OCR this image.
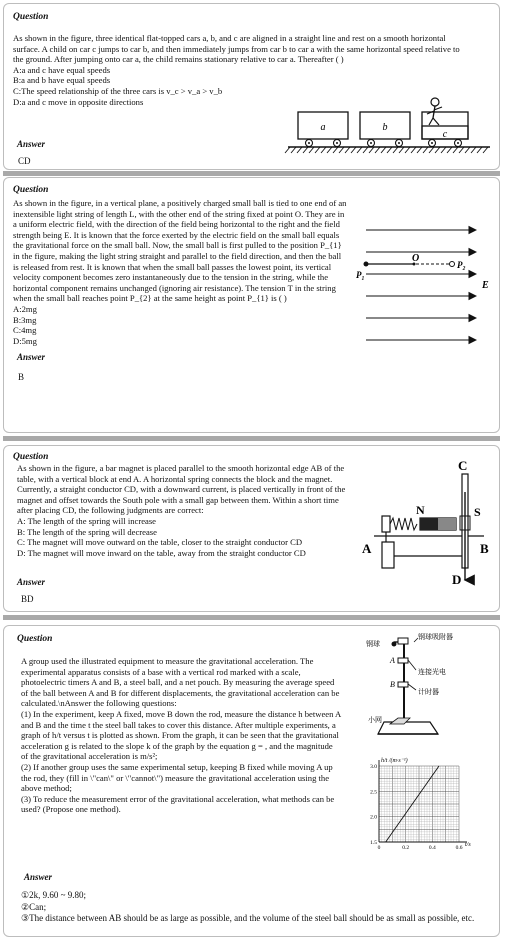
Question

As shown in the figure, three identical flat-topped cars a, b, and c are aligned in a straight line and rest on a smooth horizontal surface. A child on car c jumps to car b, and then immediately jumps from car b to car a with the same horizontal speed relative to the ground. After jumping onto car a, the child remains stationary relative to car a. Thereafter ( )

A:a and c have equal speeds

B:a and b have equal speeds

C:The speed relationship of the three cars is v_c > v_a > v_b

D:a and c move in opposite directions

a	b
c
Answer
CD
Question

As shown in the figure, in a vertical plane, a positively charged small ball is tied to one end of an inextensible light string of length L, with the other end of the string fixed at point O. They are in a uniform electric field, with the direction of the field being horizontal to the right and the field strength being E. It is known that the force exerted by the electric field on the small ball equals the gravitational force on the small ball. Now, the small ball is first pulled to the position P_{1} in the figure, making the light string straight and parallel to the field direction, and then the ball is released from rest. It is known that when the small ball passes the lowest point, its vertical velocity component becomes zero instantaneously due to the tension in the string, while the horizontal component remains unchanged (ignoring air resistance). The tension T in the string when the small ball reaches point P_{2} at the same height as point P_{1} is ( )

A:2mg

B:3mg

C:4mg

D:5mg

O
P₁
P₂
E
Answer
B
Question

As shown in the figure, a bar magnet is placed parallel to the smooth horizontal edge AB of the table, with a vertical block at end A. A horizontal spring connects the block and the magnet. Currently, a straight conductor CD, with a downward current, is placed vertically in front of the magnet and offset towards the South pole with a small gap between them. Within a short time after placing CD, the following judgments are correct:

A: The length of the spring will increase

B: The length of the spring will decrease

C: The magnet will move outward on the table, closer to the straight conductor CD

D: The magnet will move inward on the table, away from the straight conductor CD

N	S
C
D
A	B
Answer
BD
Question

A group used the illustrated equipment to measure the gravitational acceleration. The experimental apparatus consists of a base with a vertical rod marked with a scale, photoelectric timers A and B, a steel ball, and a net pouch. By measuring the average speed of the ball between A and B for different displacements, the gravitational acceleration can be calculated.\nAnswer the following questions:

(1) In the experiment, keep A fixed, move B down the rod, measure the distance h between A and B and the time t the steel ball takes to cover this distance. After multiple experiments, a graph of h/t versus t is plotted as shown. From the graph, it can be seen that the gravitational acceleration g is related to the slope k of the graph by the equation g = , and the magnitude of the gravitational acceleration is m/s²;

(2) If another group uses the same experimental setup, keeping B fixed while moving A up the rod, they (fill in \"can\" or \"cannot\") measure the gravitational acceleration using the above method;

(3) To reduce the measurement error of the gravitational acceleration, what methods can be used? (Propose one method).

钢球吸附器
钢球
A
B
连接光电
计时器
小网
0	0.2	0.4	0.6
1.5
2.0
2.5
3.0
h/t /(m·s⁻¹)
t/s
Answer
①2k, 9.60 ~ 9.80;
②Can;
③The distance between AB should be as large as possible, and the volume of the steel ball should be as small as possible, etc.
